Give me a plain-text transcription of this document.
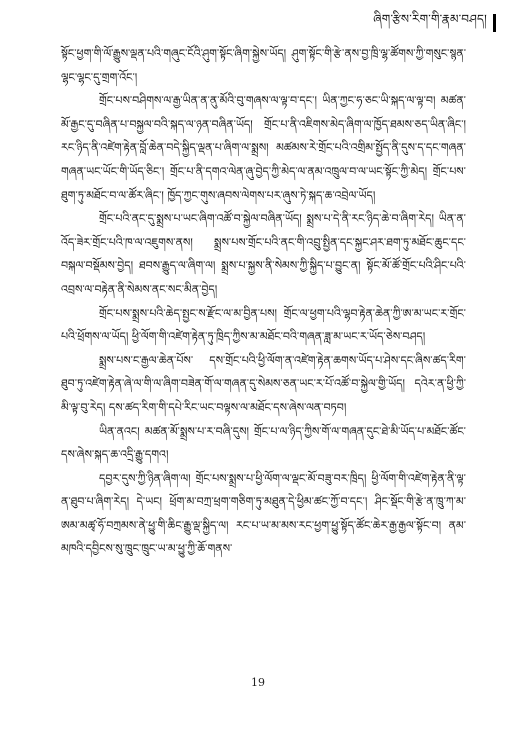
ཞིག་རྩིས་རིག་གི་རྣམ་བཤད།

སྟོང་ཕྱག་གི་ལོ་རྒྱུས་ལྡན་པའི་གཞུང་ངོའི་ཤུག་སྟོང་ཞིག་སྐྱེས་ཡོད། ཤུག་སྟོང་གི་རྩེ་ནས་བྱ་ཁྲི་ལྷ་ཚོགས་ཀྱི་གསུང་སྙན་ལྷང་ལྷང་དུ་གྲག་འོང་།

གྲོང་པས་བཤིགས་ལ་རྒྱ་ཡིན་ན་ནུ་མོའི་བུ་གཞས་ལ་ལྟ་བ་དང་། ཡིན་ཀྱང་ཧ་ཅང་ཡི་སྐད་ལ་ལྟ་བ། མཚན་མོ་རྒྱང་དུ་བཞིན་པ་བསྐྱལ་བའི་སྐད་ལ་ཉན་བཞིན་ཡོད། གྲོང་པ་ནི་འཇིགས་མེད་ཞིག་ལ་ཁྱོད་ཐམས་ཅད་ཡིན་ཞིང་། རང་ཉིད་ནི་འཛེག་རྟེན་བློ་ཆེན་བདེ་སྐྱིད་ལྡན་པ་ཞིག་ལ་སྨྲས། མཚམས་རེ་གྲོང་པའི་འགྲིམ་སྤྱོད་ནི་དུས་ད་དང་གཞན་གཞན་ཡང་ཡོང་གི་ཡོད་ཅིང་། གྲོང་པ་ནི་དགའ་ལེན་ཞུ་བྱེད་ཀྱི་མེད་ལ་ནམ་འཁྲུལ་བ་ལ་ཡང་སྟོང་ཀྱི་མེད། གྲོང་པས་ཐུག་ཏུ་མཐོང་བ་ལ་ཚོར་ཞིང་། ཁྱོད་ཀྱང་གུས་ཞབས་ལེགས་པར་ཞུས་ཏེ་སྐད་ཆ་འབྲེལ་ཡོད།

གྲོང་པའི་ནང་དུ་སྨྲས་པ་ཡང་ཞིག་འཚོ་བ་སྐྱེལ་བཞིན་ཡོད། སྨྲས་པ་དེ་ནི་རང་ཉིད་ཆེ་བ་ཞིག་རེད། ཡིན་ན་འོད་ཟེར་གྲོང་པའི་ཁ་ལ་འཇུགས་ནས། སྨྲས་པས་གྲོང་པའི་ནང་གི་འབྲུ་སྤྱིན་དང་སྐྱང་ཤར་ཐག་ཏུ་མཐོང་ཆུང་དང་བསྐལ་བསྡོམས་བྱེད། ཐབས་རྒྱུད་ལ་ཞིག་ལ། སྨྲས་པ་སྐྱས་ནི་སེམས་ཀྱི་སྐྱིད་པ་བྱུང་ན། སྟོང་མོ་ཚོ་གྲོང་པའི་ཤིང་པའི་འབྲས་ལ་བརྟེན་ནི་སེམས་ནང་སང་མིན་བྱེད།

གྲོང་པས་སྨྲས་པའི་ཆེད་སྤྱང་ས་རྫོང་ལ་མ་བྱིན་པས། གྲོང་ལ་ཕྱག་པའི་ལྷབ་རྟེན་ཆེན་ཀྱི་ཨ་མ་ཡང་ར་གྲོང་པའི་ཕྲོགས་ལ་ཡོད། ཕྱི་ལོག་གི་འཛེག་རྟེན་ཏུ་ཁྲིད་ཀྱིས་མ་མཐོང་བའི་གཞན་ཟླ་མ་ཡང་ར་ཡོད་ཅེས་བཤད།

སྨྲས་པས་ང་རྒྱལ་ཆེན་པོས་ དས་གྲོང་པའི་ཕྱི་ལོག་ན་འཛེག་རྟེན་ཆགས་ཡོད་པ་ཤེས་དང་ཞིས་ཚད་རིག་ཐུབ་ཏུ་འཛེག་རྟེན་ཞེ་ལ་གི་ལ་ཞིག་བཟེན་གོ་ལ་གཞན་དུ་སེམས་ཅན་ཡང་ར་པོ་འཚོ་བ་སྐྱེལ་གྱི་ཡོད། དའེར་ན་ཕྱི་ཀྱི་མི་ལྟ་བུ་རེད། དས་ཚད་རིག་གི་དཔེ་རིང་ཡང་བལྟས་ལ་མཐོང་དས་ཞེས་ལན་བཏབ།

ཡིན་ནའང། མཚན་མོ་སྨྲས་པ་ར་བཞི་དུས། གྲོང་པ་ལ་ཉིད་ཀྱིས་གོ་ལ་གཞན་དུང་ཐེ་མི་ཡོད་པ་མཐོང་ཚོང་དས་ཞེས་སྐད་ཆ་འདྲི་རྒྱུ་དགའ།

དབྱར་དུས་ཀྱི་ཉིན་ཞིག་ལ། གྲོང་པས་སྨྲས་པ་ཕྱི་ལོག་ལ་ལྡང་མོ་བཟུ་བར་ཁྲིད། ཕྱི་ལོག་གི་འཛེག་རྟེན་ནི་ལྟ་ན་ཐུབ་པ་ཞིག་རེད། དེ་ཡང། ཕྲོག་མ་བཀྲ་ཕྲག་གཅིག་ཏུ་མཐུན་དེ་ཕྱིམ་ཚང་ཀྱོ་བ་དང་། ཤིང་སྡོང་གི་རྩེ་ན་ཁྲུ་ཀ་མ་ཨམ་མཚྭ་ཧོ་བཀྲམས་ནེ་ཕྱུ་གི་ཆིང་རྒྱུ་ལྡ་སྐྱིད་ལ། རང་པ་ཡ་མ་མས་རང་ཕྱག་ཕྱུ་སྟོད་ཚོང་ཆེར་རྒྱ་རྒྱལ་སྟོང་བ། ནམ་མཁའི་དབྱིངས་སུ་ཁྲུང་ཁྲུང་ཡ་མ་ཕྱུ་ཀྱི་ཆོ་གནས་

19
